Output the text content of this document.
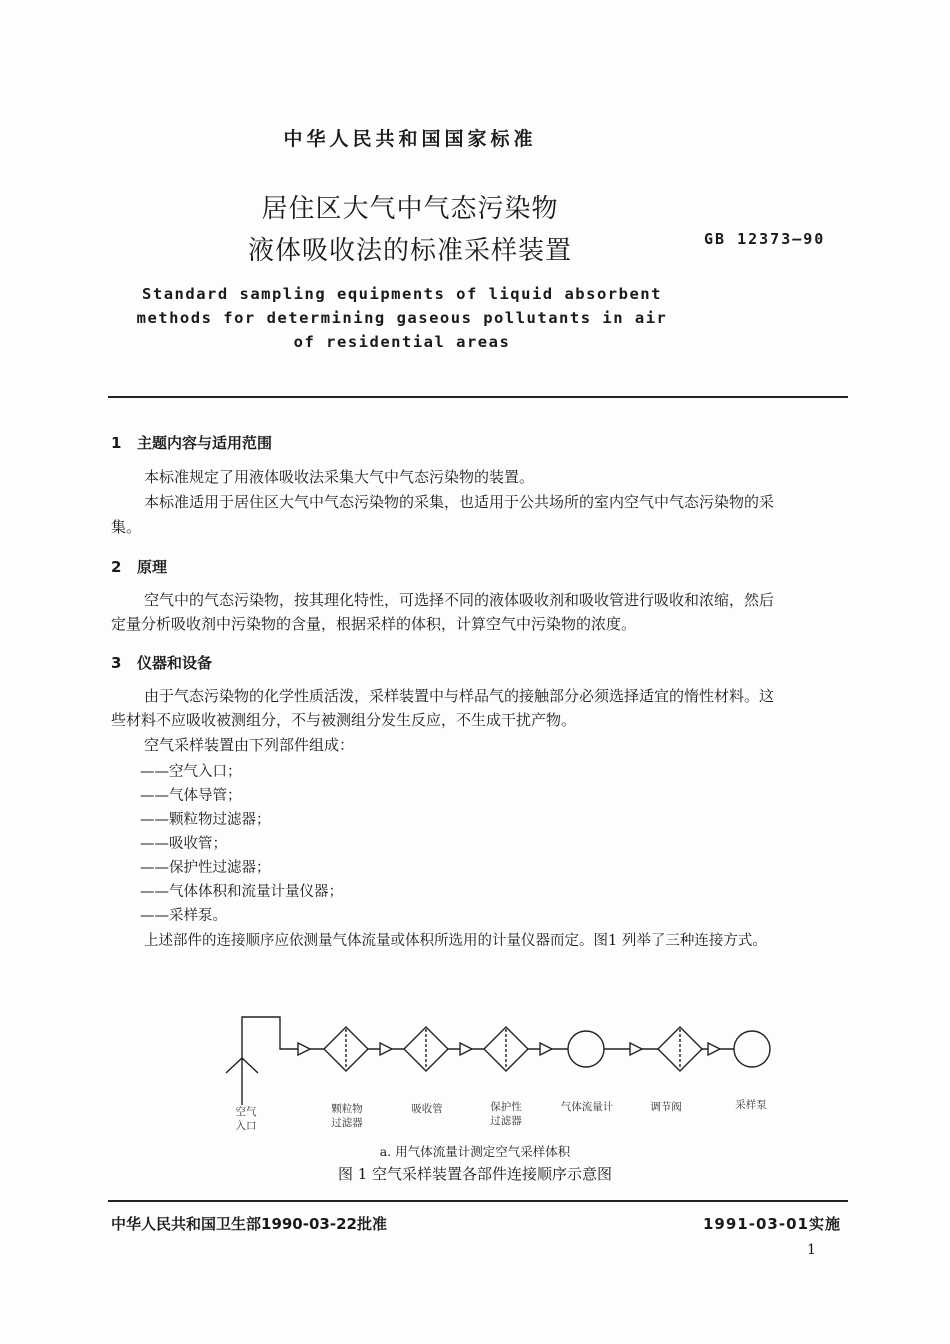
中华人民共和国国家标准
居住区大气中气态污染物
液体吸收法的标准采样装置	GB 12373—90
Standard sampling equipments of liquid absorbent
methods for determining gaseous pollutants in air
of residential areas
1 主题内容与适用范围
本标准规定了用液体吸收法采集大气中气态污染物的装置。
本标准适用于居住区大气中气态污染物的采集，也适用于公共场所的室内空气中气态污染物的采
集。
2 原理
空气中的气态污染物，按其理化特性，可选择不同的液体吸收剂和吸收管进行吸收和浓缩，然后
定量分析吸收剂中污染物的含量，根据采样的体积，计算空气中污染物的浓度。
3 仪器和设备
由于气态污染物的化学性质活泼，采样装置中与样品气的接触部分必须选择适宜的惰性材料。这
些材料不应吸收被测组分，不与被测组分发生反应，不生成干扰产物。
空气采样装置由下列部件组成：
——空气入口；
——气体导管；
——颗粒物过滤器；
——吸收管；
——保护性过滤器；
——气体体积和流量计量仪器；
——采样泵。
上述部件的连接顺序应依测量气体流量或体积所选用的计量仪器而定。图1 列举了三种连接方式。
空气
入口
颗粒物
过滤器
吸收管	保护性
过滤器
气体流量计	调节阀	采样泵
a. 用气体流量计测定空气采样体积
图 1 空气采样装置各部件连接顺序示意图
中华人民共和国卫生部1990-03-22批准	1991-03-01实施
1
